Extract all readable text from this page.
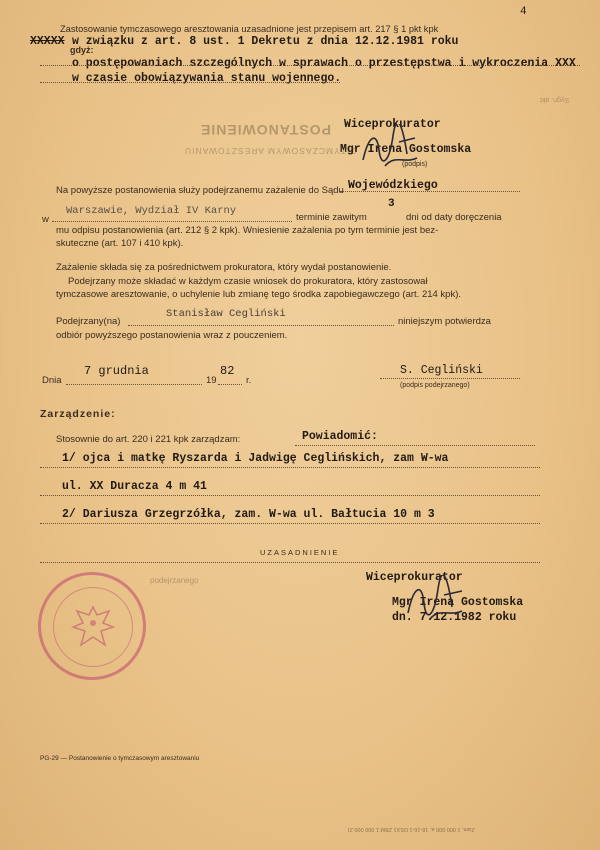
4
Zastosowanie tymczasowego aresztowania uzasadnione jest przepisem art. 217 § 1 pkt kpk
XXXXX w związku z art. 8 ust. 1 Dekretu z dnia 12.12.1981 roku
gdyż:
o postępowaniach szczególnych w sprawach o przestępstwa i wykroczenia XXX
w czasie obowiązywania stanu wojennego.
Sygn. akt
Wiceprokurator
Mgr Irena Gostomska
(podpis)
POSTANOWIENIE
O TYMCZASOWYM ARESZTOWANIU
Na powyższe postanowienia służy podejrzanemu zażalenie do Sądu Wojewódzkiego
3
w
Warszawie, Wydział IV Karny
terminie zawitym	dni od daty doręczenia
mu odpisu postanowienia (art. 212 § 2 kpk). Wniesienie zażalenia po tym terminie jest bez-
skuteczne (art. 107 i 410 kpk).
Zażalenie składa się za pośrednictwem prokuratora, który wydał postanowienie.
Podejrzany może składać w każdym czasie wniosek do prokuratora, który zastosował
tymczasowe aresztowanie, o uchylenie lub zmianę tego środka zapobiegawczego (art. 214 kpk).
Podejrzany(na)
Stanisław Cegliński
niniejszym potwierdza
odbiór powyższego postanowienia wraz z pouczeniem.
Dnia
7 grudnia
19
82
r.
S. Cegliński
(podpis podejrzanego)
Zarządzenie:
Stosownie do art. 220 i 221 kpk zarządzam:	Powiadomić:
1/ ojca i matkę Ryszarda i Jadwigę Ceglińskich, zam W-wa
ul. XX Duracza 4 m 41
2/ Dariusza Grzegrzółka, zam. W-wa ul. Bałtucia 10 m 3
UZASADNIENIE
podejrzanego	Wiceprokurator
Mgr Irena Gostomska
dn. 7.12.1982 roku
PG-29 — Postanowienie o tymczasowym aresztowaniu
Zam. 1 000 000 a. 18-16-1 DSX1 ZBM 1 000 000 ZI
